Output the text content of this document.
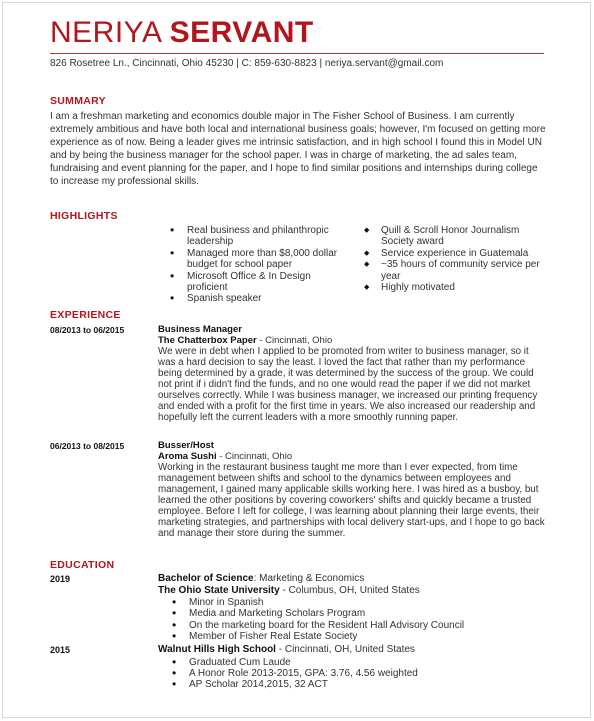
NERIYA SERVANT
826 Rosetree Ln., Cincinnati, Ohio 45230 | C: 859-630-8823 | neriya.servant@gmail.com
SUMMARY
I am a freshman marketing and economics double major in The Fisher School of Business. I am currently extremely ambitious and have both local and international business goals; however, I'm focused on getting more experience as of now. Being a leader gives me intrinsic satisfaction, and in high school I found this in Model UN and by being the business manager for the school paper. I was in charge of marketing, the ad sales team, fundraising and event planning for the paper, and I hope to find similar positions and internships during college to increase my professional skills.
HIGHLIGHTS
• Real business and philanthropic leadership
• Managed more than $8,000 dollar budget for school paper
• Microsoft Office & In Design proficient
• Spanish speaker
◆ Quill & Scroll Honor Journalism Society award
◆ Service experience in Guatemala
◆ ~35 hours of community service per year
◆ Highly motivated
EXPERIENCE
08/2013 to 06/2015	Business Manager
The Chatterbox Paper - Cincinnati, Ohio
We were in debt when I applied to be promoted from writer to business manager, so it was a hard decision to say the least. I loved the fact that rather than my performance being determined by a grade, it was determined by the success of the group. We could not print if i didn't find the funds, and no one would read the paper if we did not market ourselves correctly. While I was business manager, we increased our printing frequency and ended with a profit for the first time in years. We also increased our readership and hopefully left the current leaders with a more smoothly running paper.
06/2013 to 08/2015	Busser/Host
Aroma Sushi - Cincinnati, Ohio
Working in the restaurant business taught me more than I ever expected, from time management between shifts and school to the dynamics between employees and management, I gained many applicable skills working here. I was hired as a busboy, but learned the other positions by covering coworkers' shifts and quickly became a trusted employee. Before I left for college, I was learning about planning their large events, their marketing strategies, and partnerships with local delivery start-ups, and I hope to go back and manage their store during the summer.
EDUCATION
2019	Bachelor of Science: Marketing & Economics
The Ohio State University - Columbus, OH, United States
• Minor in Spanish
• Media and Marketing Scholars Program
• On the marketing board for the Resident Hall Advisory Council
• Member of Fisher Real Estate Society
2015	Walnut Hills High School - Cincinnati, OH, United States
• Graduated Cum Laude
• A Honor Role 2013-2015, GPA: 3.76, 4.56 weighted
• AP Scholar 2014,2015, 32 ACT
